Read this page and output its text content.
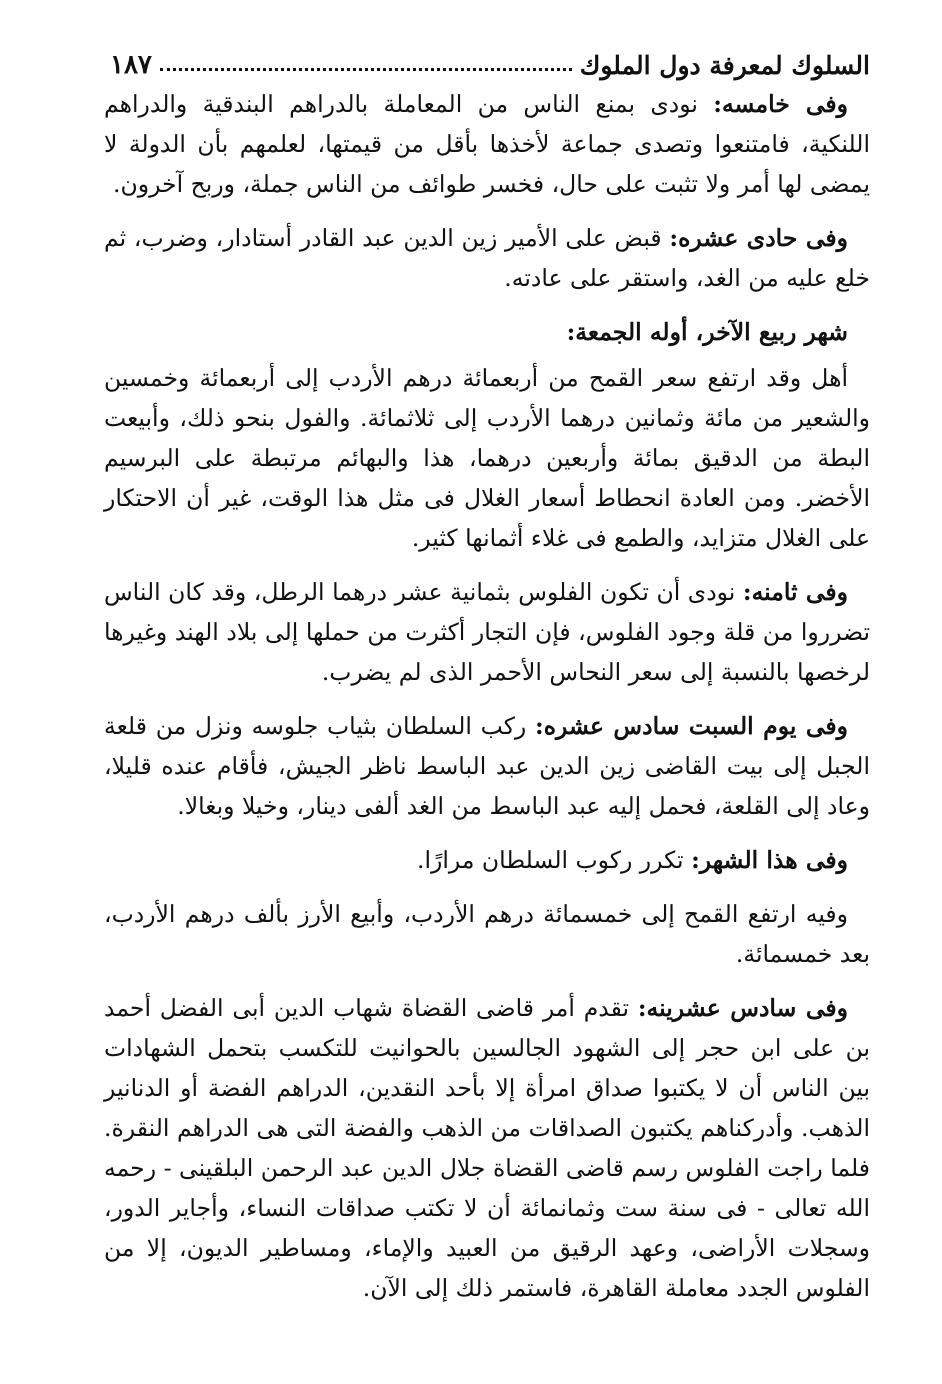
السلوك لمعرفة دول الملوك
١٨٧

وفى خامسه: نودى بمنع الناس من المعاملة بالدراهم البندقية والدراهم اللنكية، فامتنعوا وتصدى جماعة لأخذها بأقل من قيمتها، لعلمهم بأن الدولة لا يمضى لها أمر ولا تثبت على حال، فخسر طوائف من الناس جملة، وربح آخرون.

وفى حادى عشره: قبض على الأمير زين الدين عبد القادر أستادار، وضرب، ثم خلع عليه من الغد، واستقر على عادته.

شهر ربيع الآخر، أوله الجمعة:

أهل وقد ارتفع سعر القمح من أربعمائة درهم الأردب إلى أربعمائة وخمسين والشعير من مائة وثمانين درهما الأردب إلى ثلاثمائة. والفول بنحو ذلك، وأبيعت البطة من الدقيق بمائة وأربعين درهما، هذا والبهائم مرتبطة على البرسيم الأخضر. ومن العادة انحطاط أسعار الغلال فى مثل هذا الوقت، غير أن الاحتكار على الغلال متزايد، والطمع فى غلاء أثمانها كثير.

وفى ثامنه: نودى أن تكون الفلوس بثمانية عشر درهما الرطل، وقد كان الناس تضرروا من قلة وجود الفلوس، فإن التجار أكثرت من حملها إلى بلاد الهند وغيرها لرخصها بالنسبة إلى سعر النحاس الأحمر الذى لم يضرب.

وفى يوم السبت سادس عشره: ركب السلطان بثياب جلوسه ونزل من قلعة الجبل إلى بيت القاضى زين الدين عبد الباسط ناظر الجيش، فأقام عنده قليلا، وعاد إلى القلعة، فحمل إليه عبد الباسط من الغد ألفى دينار، وخيلا وبغالا.

وفى هذا الشهر: تكرر ركوب السلطان مرارًا.

وفيه ارتفع القمح إلى خمسمائة درهم الأردب، وأبيع الأرز بألف درهم الأردب، بعد خمسمائة.

وفى سادس عشرينه: تقدم أمر قاضى القضاة شهاب الدين أبى الفضل أحمد بن على ابن حجر إلى الشهود الجالسين بالحوانيت للتكسب بتحمل الشهادات بين الناس أن لا يكتبوا صداق امرأة إلا بأحد النقدين، الدراهم الفضة أو الدنانير الذهب. وأدركناهم يكتبون الصداقات من الذهب والفضة التى هى الدراهم النقرة. فلما راجت الفلوس رسم قاضى القضاة جلال الدين عبد الرحمن البلقينى - رحمه الله تعالى - فى سنة ست وثمانمائة أن لا تكتب صداقات النساء، وأجاير الدور، وسجلات الأراضى، وعهد الرقيق من العبيد والإماء، ومساطير الديون، إلا من الفلوس الجدد معاملة القاهرة، فاستمر ذلك إلى الآن.
